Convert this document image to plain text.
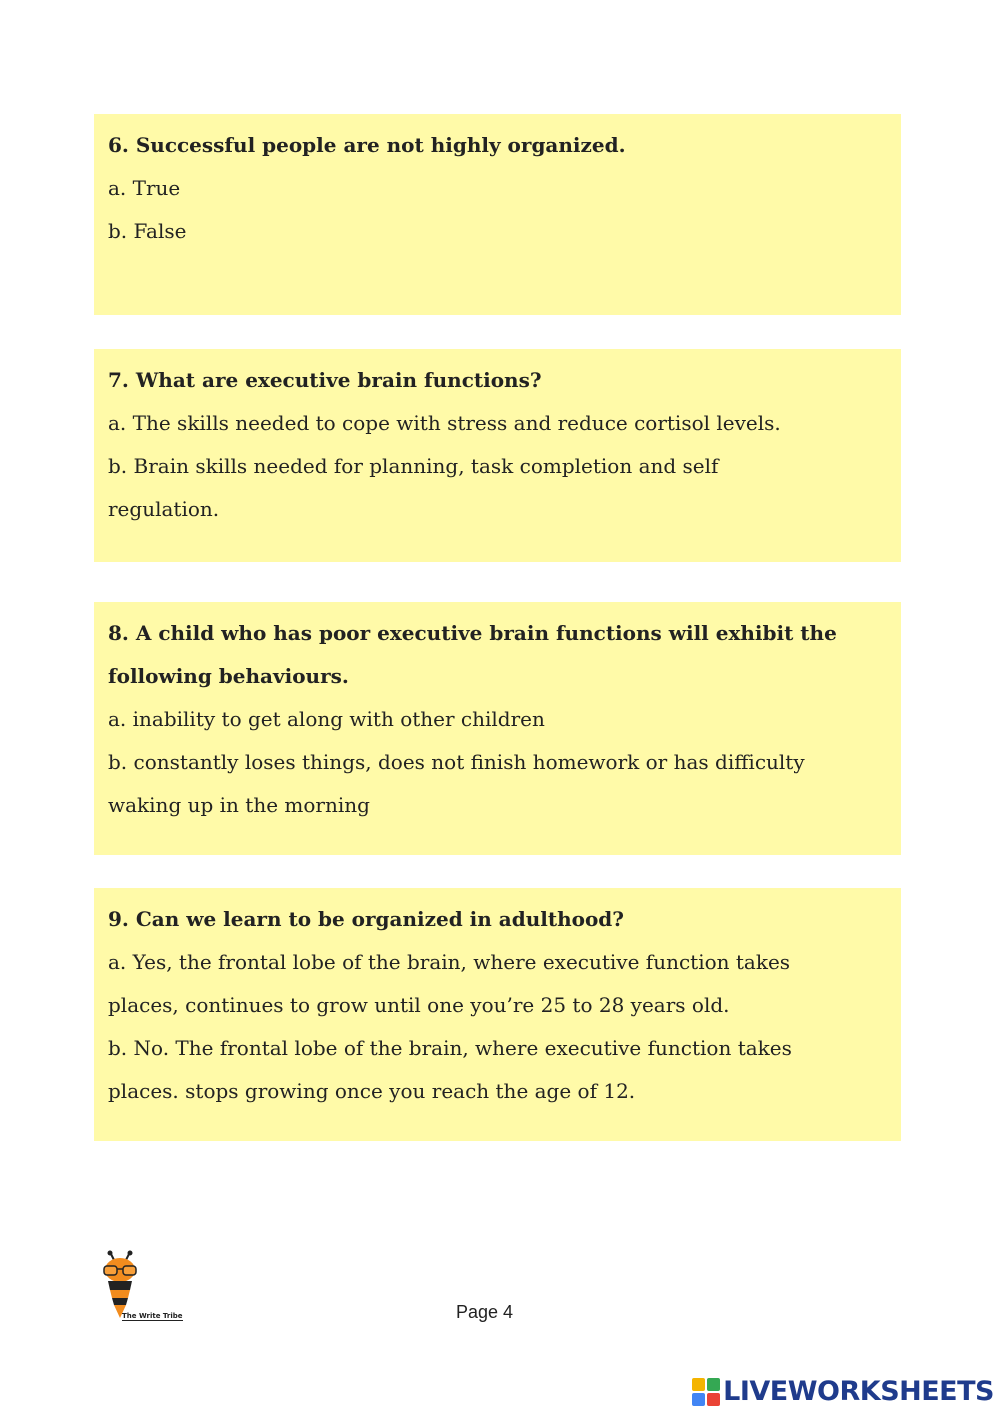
6. Successful people are not highly organized.
a. True
b. False
7. What are executive brain functions?
a. The skills needed to cope with stress and reduce cortisol levels.
b. Brain skills needed for planning, task completion and self
regulation.
8. A child who has poor executive brain functions will exhibit the
following behaviours.
a. inability to get along with other children
b. constantly loses things, does not finish homework or has difficulty
waking up in the morning
9. Can we learn to be organized in adulthood?
a. Yes, the frontal lobe of the brain, where executive function takes
places, continues to grow until one you’re 25 to 28 years old.
b. No. The frontal lobe of the brain, where executive function takes
places. stops growing once you reach the age of 12.
The Write Tribe	Page 4
LIVEWORKSHEETS
